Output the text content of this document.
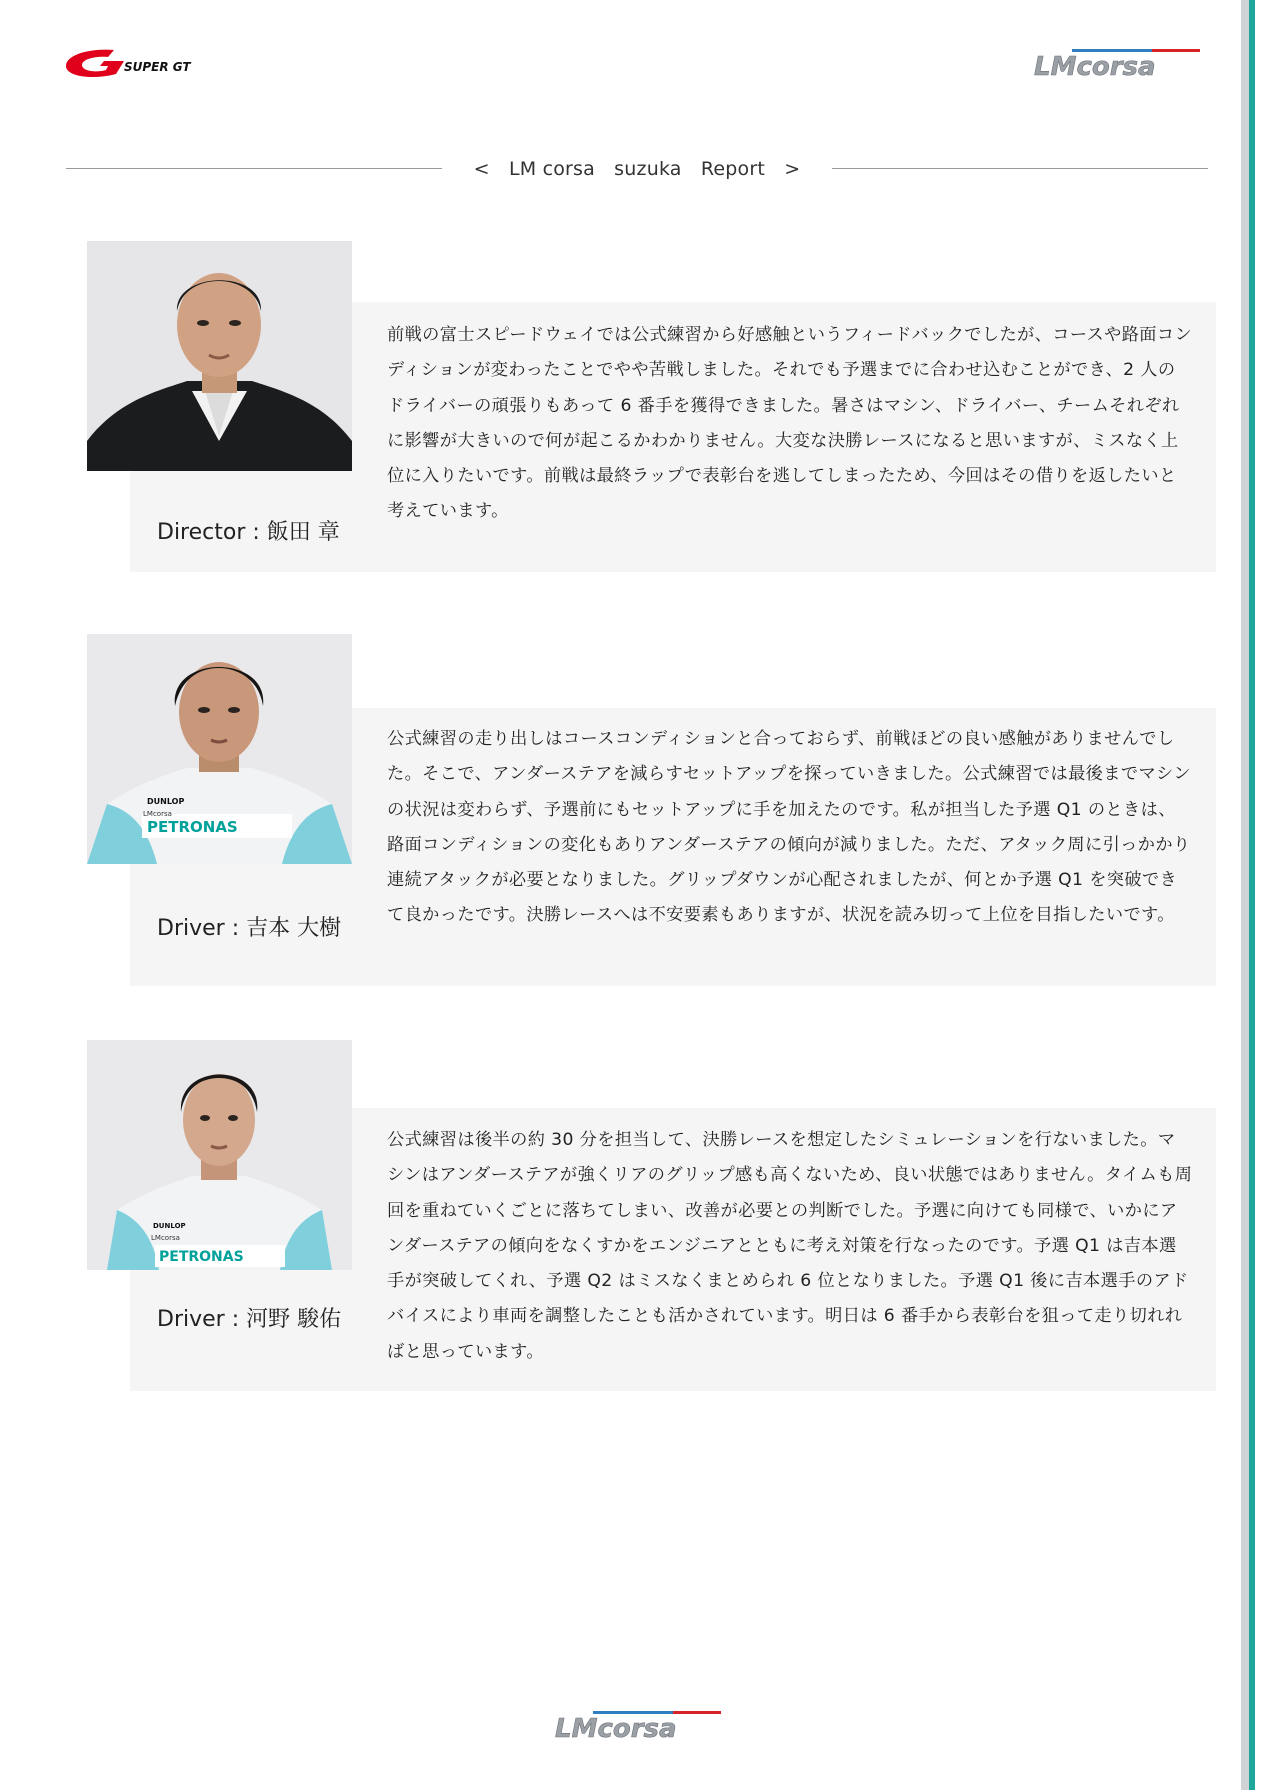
SUPER GT	LMcorsa
<　LM corsa　suzuka　Report　>
Director : 飯田 章
前戦の富士スピードウェイでは公式練習から好感触というフィードバックでしたが、コースや路面コンディションが変わったことでやや苦戦しました。それでも予選までに合わせ込むことができ、2 人のドライバーの頑張りもあって 6 番手を獲得できました。暑さはマシン、ドライバー、チームそれぞれに影響が大きいので何が起こるかわかりません。大変な決勝レースになると思いますが、ミスなく上位に入りたいです。前戦は最終ラップで表彰台を逃してしまったため、今回はその借りを返したいと考えています。
PETRONAS
DUNLOP
LMcorsa
Driver : 吉本 大樹
公式練習の走り出しはコースコンディションと合っておらず、前戦ほどの良い感触がありませんでした。そこで、アンダーステアを減らすセットアップを探っていきました。公式練習では最後までマシンの状況は変わらず、予選前にもセットアップに手を加えたのです。私が担当した予選 Q1 のときは、路面コンディションの変化もありアンダーステアの傾向が減りました。ただ、アタック周に引っかかり連続アタックが必要となりました。グリップダウンが心配されましたが、何とか予選 Q1 を突破できて良かったです。決勝レースへは不安要素もありますが、状況を読み切って上位を目指したいです。
PETRONAS
DUNLOP
LMcorsa
Driver : 河野 駿佑
公式練習は後半の約 30 分を担当して、決勝レースを想定したシミュレーションを行ないました。マシンはアンダーステアが強くリアのグリップ感も高くないため、良い状態ではありません。タイムも周回を重ねていくごとに落ちてしまい、改善が必要との判断でした。予選に向けても同様で、いかにアンダーステアの傾向をなくすかをエンジニアとともに考え対策を行なったのです。予選 Q1 は吉本選手が突破してくれ、予選 Q2 はミスなくまとめられ 6 位となりました。予選 Q1 後に吉本選手のアドバイスにより車両を調整したことも活かされています。明日は 6 番手から表彰台を狙って走り切れればと思っています。
LMcorsa
